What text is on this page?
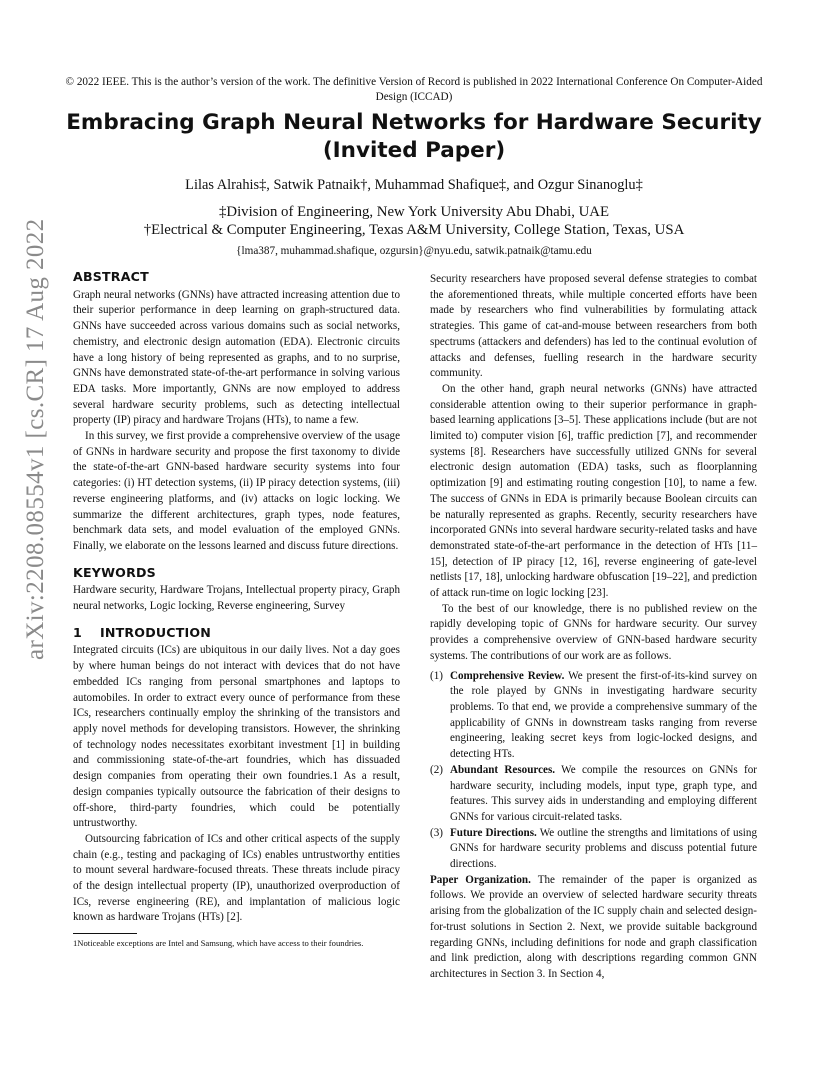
© 2022 IEEE. This is the author’s version of the work. The definitive Version of Record is published in 2022 International Conference On Computer-Aided Design (ICCAD)
Embracing Graph Neural Networks for Hardware Security (Invited Paper)
Lilas Alrahis‡, Satwik Patnaik†, Muhammad Shafique‡, and Ozgur Sinanoglu‡
‡Division of Engineering, New York University Abu Dhabi, UAE
†Electrical & Computer Engineering, Texas A&M University, College Station, Texas, USA
{lma387, muhammad.shafique, ozgursin}@nyu.edu, satwik.patnaik@tamu.edu
arXiv:2208.08554v1 [cs.CR] 17 Aug 2022 ABSTRACT

Graph neural networks (GNNs) have attracted increasing attention due to their superior performance in deep learning on graph-structured data. GNNs have succeeded across various domains such as social networks, chemistry, and electronic design automation (EDA). Electronic circuits have a long history of being represented as graphs, and to no surprise, GNNs have demonstrated state-of-the-art performance in solving various EDA tasks. More importantly, GNNs are now employed to address several hardware security problems, such as detecting intellectual property (IP) piracy and hardware Trojans (HTs), to name a few.

In this survey, we first provide a comprehensive overview of the usage of GNNs in hardware security and propose the first taxonomy to divide the state-of-the-art GNN-based hardware security systems into four categories: (i) HT detection systems, (ii) IP piracy detection systems, (iii) reverse engineering platforms, and (iv) attacks on logic locking. We summarize the different architectures, graph types, node features, benchmark data sets, and model evaluation of the employed GNNs. Finally, we elaborate on the lessons learned and discuss future directions.

KEYWORDS

Hardware security, Hardware Trojans, Intellectual property piracy, Graph neural networks, Logic locking, Reverse engineering, Survey

1 INTRODUCTION

Integrated circuits (ICs) are ubiquitous in our daily lives. Not a day goes by where human beings do not interact with devices that do not have embedded ICs ranging from personal smartphones and laptops to automobiles. In order to extract every ounce of performance from these ICs, researchers continually employ the shrinking of the transistors and apply novel methods for developing transistors. However, the shrinking of technology nodes necessitates exorbitant investment [1] in building and commissioning state-of-the-art foundries, which has dissuaded design companies from operating their own foundries.1 As a result, design companies typically outsource the fabrication of their designs to off-shore, third-party foundries, which could be potentially untrustworthy.

Outsourcing fabrication of ICs and other critical aspects of the supply chain (e.g., testing and packaging of ICs) enables untrustworthy entities to mount several hardware-focused threats. These threats include piracy of the design intellectual property (IP), unauthorized overproduction of ICs, reverse engineering (RE), and implantation of malicious logic known as hardware Trojans (HTs) [2].

1Noticeable exceptions are Intel and Samsung, which have access to their foundries.

Security researchers have proposed several defense strategies to combat the aforementioned threats, while multiple concerted efforts have been made by researchers who find vulnerabilities by formulating attack strategies. This game of cat-and-mouse between researchers from both spectrums (attackers and defenders) has led to the continual evolution of attacks and defenses, fuelling research in the hardware security community.

On the other hand, graph neural networks (GNNs) have attracted considerable attention owing to their superior performance in graph-based learning applications [3–5]. These applications include (but are not limited to) computer vision [6], traffic prediction [7], and recommender systems [8]. Researchers have successfully utilized GNNs for several electronic design automation (EDA) tasks, such as floorplanning optimization [9] and estimating routing congestion [10], to name a few. The success of GNNs in EDA is primarily because Boolean circuits can be naturally represented as graphs. Recently, security researchers have incorporated GNNs into several hardware security-related tasks and have demonstrated state-of-the-art performance in the detection of HTs [11–15], detection of IP piracy [12, 16], reverse engineering of gate-level netlists [17, 18], unlocking hardware obfuscation [19–22], and prediction of attack run-time on logic locking [23].

To the best of our knowledge, there is no published review on the rapidly developing topic of GNNs for hardware security. Our survey provides a comprehensive overview of GNN-based hardware security systems. The contributions of our work are as follows.

(1) Comprehensive Review. We present the first-of-its-kind survey on the role played by GNNs in investigating hardware security problems. To that end, we provide a comprehensive summary of the applicability of GNNs in downstream tasks ranging from reverse engineering, leaking secret keys from logic-locked designs, and detecting HTs.
(2) Abundant Resources. We compile the resources on GNNs for hardware security, including models, input type, graph type, and features. This survey aids in understanding and employing different GNNs for various circuit-related tasks.
(3) Future Directions. We outline the strengths and limitations of using GNNs for hardware security problems and discuss potential future directions.

Paper Organization. The remainder of the paper is organized as follows. We provide an overview of selected hardware security threats arising from the globalization of the IC supply chain and selected design-for-trust solutions in Section 2. Next, we provide suitable background regarding GNNs, including definitions for node and graph classification and link prediction, along with descriptions regarding common GNN architectures in Section 3. In Section 4,
